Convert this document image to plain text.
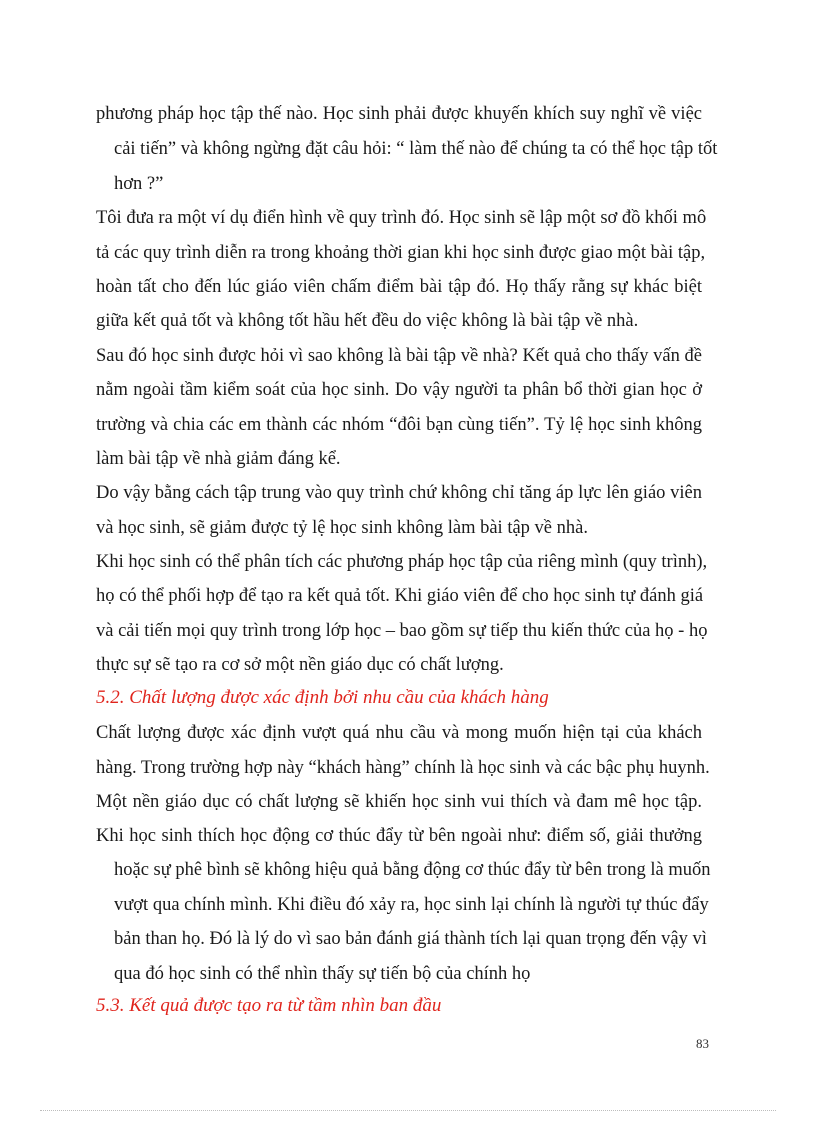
phương pháp học tập thế nào. Học sinh phải được khuyến khích suy nghĩ về việc
cải tiến” và không ngừng đặt câu hỏi: “ làm thế nào để chúng ta có thể học tập tốt
hơn ?”
Tôi đưa ra một ví dụ điển hình về quy trình đó. Học sinh sẽ lập một sơ đồ khối mô
tả các quy trình diễn ra trong khoảng thời gian khi học sinh được giao một bài tập,
hoàn tất cho đến lúc giáo viên chấm điểm bài tập đó. Họ thấy rằng sự khác biệt
giữa kết quả tốt và không tốt hầu hết đều do việc không là bài tập về nhà.
Sau đó học sinh được hỏi vì sao không là bài tập về nhà? Kết quả cho thấy vấn đề
nằm ngoài tầm kiểm soát của học sinh. Do vậy người ta phân bổ thời gian học ở
trường và chia các em thành các nhóm “đôi bạn cùng tiến”. Tỷ lệ học sinh không
làm bài tập về nhà giảm đáng kể.
Do vậy bằng cách tập trung vào quy trình chứ không chỉ tăng áp lực lên giáo viên
và học sinh, sẽ giảm được tỷ lệ học sinh không làm bài tập về nhà.
Khi học sinh có thể phân tích các phương pháp học tập của riêng mình (quy trình),
họ có thể phối hợp để tạo ra kết quả tốt. Khi giáo viên để cho học sinh tự đánh giá
và cải tiến mọi quy trình trong lớp học – bao gồm sự tiếp thu kiến thức của họ - họ
thực sự sẽ tạo ra cơ sở một nền giáo dục có chất lượng.
5.2. Chất lượng được xác định bởi nhu cầu của khách hàng
Chất lượng được xác định vượt quá nhu cầu và mong muốn hiện tại của khách
hàng. Trong trường hợp này “khách hàng” chính là học sinh và các bậc phụ huynh.
Một nền giáo dục có chất lượng sẽ khiến học sinh vui thích và đam mê học tập.
Khi học sinh thích học động cơ thúc đẩy từ bên ngoài như: điểm số, giải thưởng
hoặc sự phê bình sẽ không hiệu quả bằng động cơ thúc đẩy từ bên trong là muốn
vượt qua chính mình. Khi điều đó xảy ra, học sinh lại chính là người tự thúc đẩy
bản than họ. Đó là lý do vì sao bản đánh giá thành tích lại quan trọng đến vậy vì
qua đó học sinh có thể nhìn thấy sự tiến bộ của chính họ
5.3. Kết quả được tạo ra từ tầm nhìn ban đầu
83
